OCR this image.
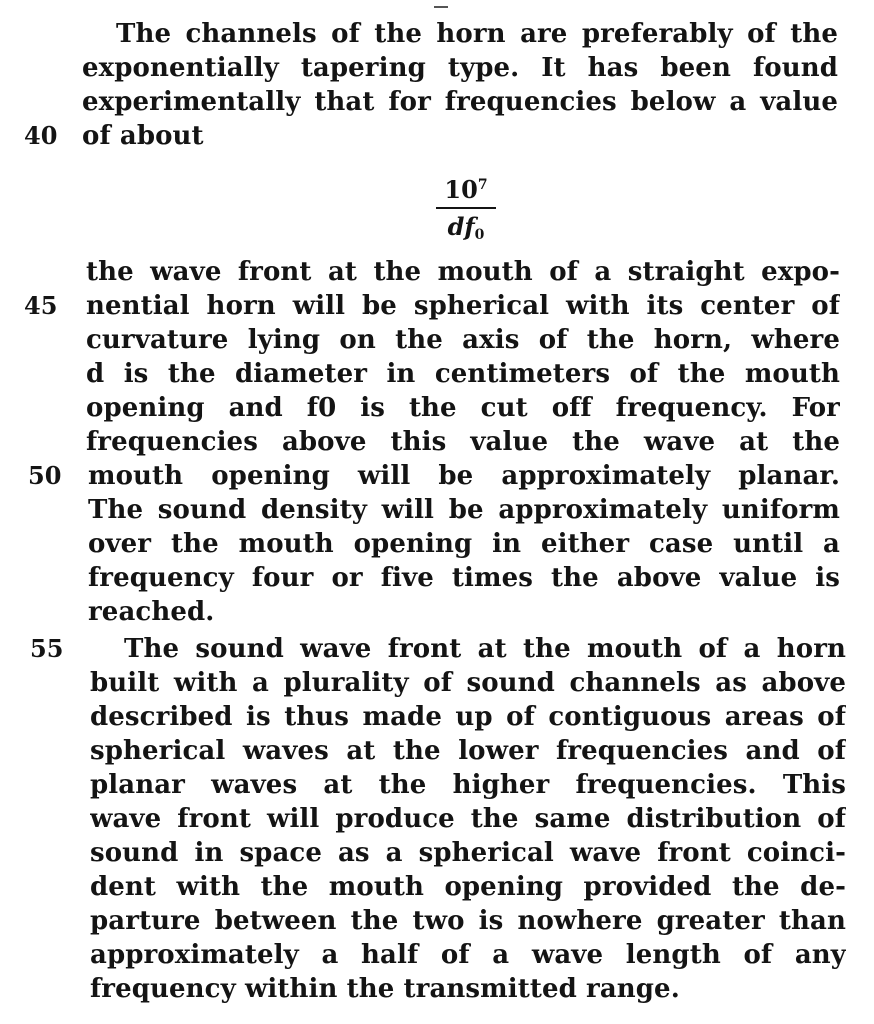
The channels of the horn are preferably of the
exponentially tapering type. It has been found
experimentally that for frequencies below a value
40 of about
$10^7$
$df_0$
the wave front at the mouth of a straight expo-
45 nential horn will be spherical with its center of
curvature lying on the axis of the horn, where
d is the diameter in centimeters of the mouth
opening and f0 is the cut off frequency. For
frequencies above this value the wave at the
50 mouth opening will be approximately planar.
The sound density will be approximately uniform
over the mouth opening in either case until a
frequency four or five times the above value is
reached.
55 The sound wave front at the mouth of a horn
built with a plurality of sound channels as above
described is thus made up of contiguous areas of
spherical waves at the lower frequencies and of
planar waves at the higher frequencies. This
wave front will produce the same distribution of
sound in space as a spherical wave front coinci-
dent with the mouth opening provided the de-
parture between the two is nowhere greater than
approximately a half of a wave length of any
frequency within the transmitted range.
